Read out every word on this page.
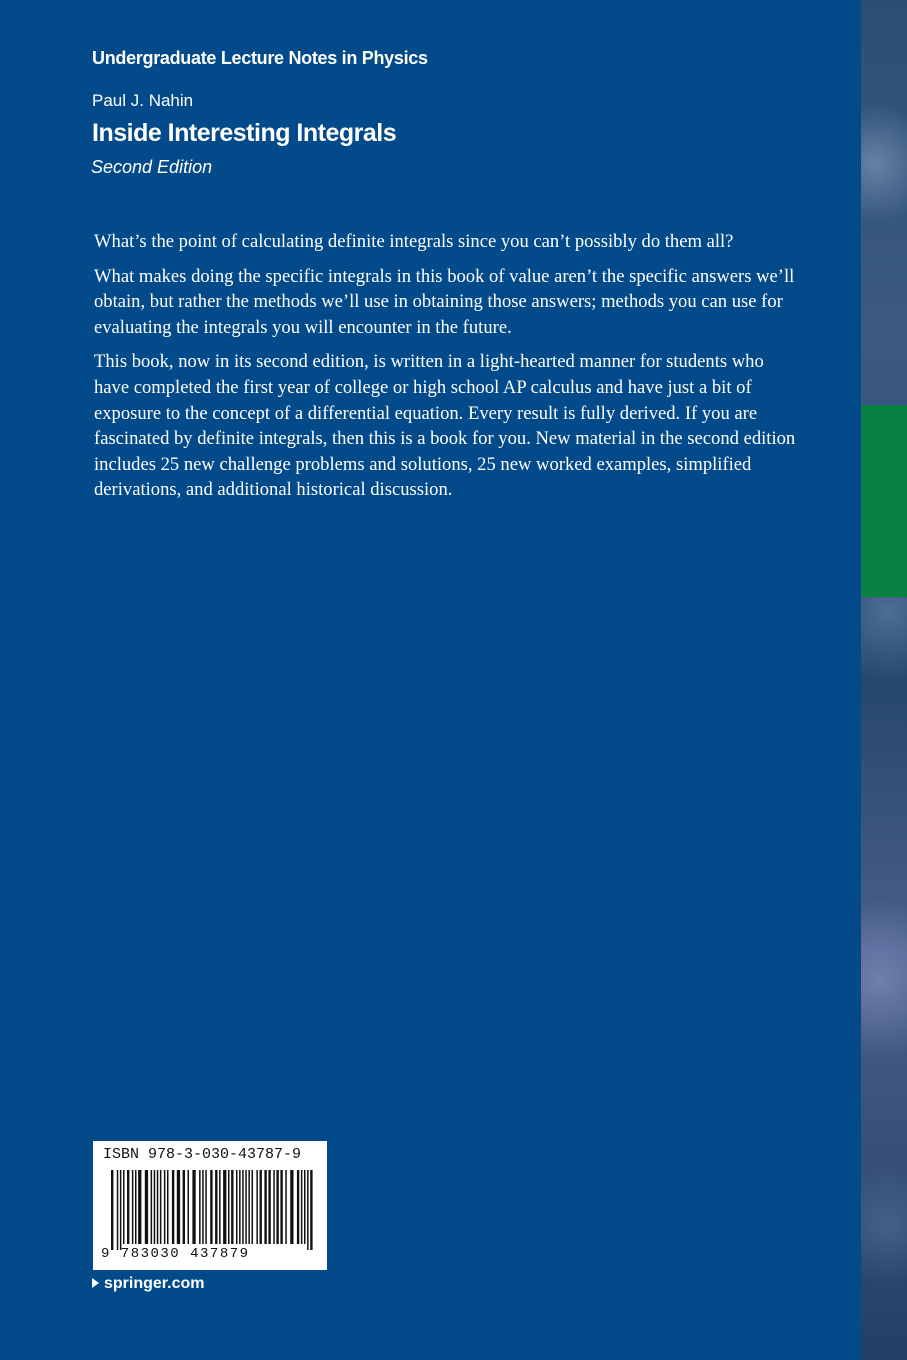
Undergraduate Lecture Notes in Physics
Paul J. Nahin
Inside Interesting Integrals
Second Edition

What’s the point of calculating definite integrals since you can’t possibly do them all?

What makes doing the specific integrals in this book of value aren’t the specific answers we’ll obtain, but rather the methods we’ll use in obtaining those answers; methods you can use for evaluating the integrals you will encounter in the future.

This book, now in its second edition, is written in a light-hearted manner for students who have completed the first year of college or high school AP calculus and have just a bit of exposure to the concept of a differential equation. Every result is fully derived. If you are fascinated by definite integrals, then this is a book for you. New material in the second edition includes 25 new challenge problems and solutions, 25 new worked examples, simplified derivations, and additional historical discussion.

ISBN 978-3-030-43787-9
9 783030 437879
springer.com
